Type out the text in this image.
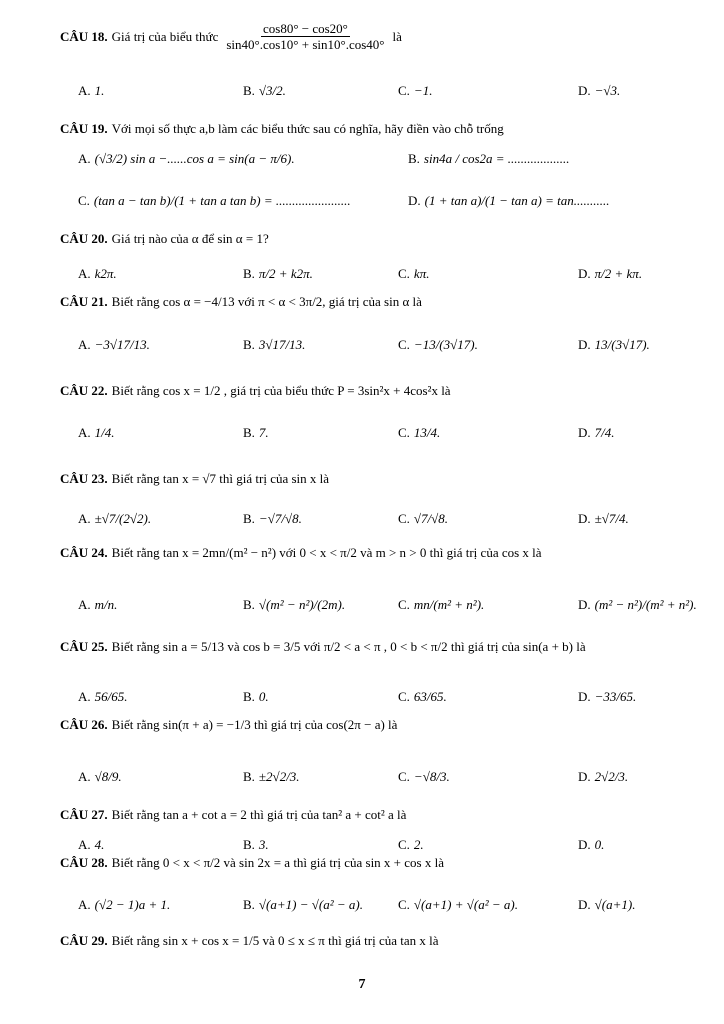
CÂU 18. Giá trị của biểu thức $\frac{\cos 80^\circ - \cos 20^\circ}{\sin 40^\circ.\cos 10^\circ + \sin 10^\circ.\cos 40^\circ}$ là
A. 1.	B. √3/2.	C. −1.	D. −√3.
CÂU 19. Với mọi số thực a,b làm các biểu thức sau có nghĩa, hãy điền vào chỗ trống
A. (√3/2) sin a −......cos a = sin(a − π/6).	B. sin4a / cos2a = ...................
C. (tan a − tan b)/(1 + tan a tan b) = .......................	D. (1 + tan a)/(1 − tan a) = tan...........
CÂU 20. Giá trị nào của α để sin α = 1?
A. k2π.	B. π/2 + k2π.	C. kπ.	D. π/2 + kπ.
CÂU 21. Biết rằng cos α = −4/13 với π < α < 3π/2, giá trị của sin α là
A. −3√17/13.	B. 3√17/13.	C. −13/(3√17).	D. 13/(3√17).
CÂU 22. Biết rằng cos x = 1/2 , giá trị của biểu thức P = 3sin²x + 4cos²x là
A. 1/4.	B. 7.	C. 13/4.	D. 7/4.
CÂU 23. Biết rằng tan x = √7 thì giá trị của sin x là
A. ±√7/(2√2).	B. −√7/√8.	C. √7/√8.	D. ±√7/4.
CÂU 24. Biết rằng tan x = 2mn/(m² − n²) với 0 < x < π/2 và m > n > 0 thì giá trị của cos x là
A. m/n.	B. √(m² − n²)/(2m).	C. mn/(m² + n²).	D. (m² − n²)/(m² + n²).
CÂU 25. Biết rằng sin a = 5/13 và cos b = 3/5 với π/2 < a < π , 0 < b < π/2 thì giá trị của sin(a + b) là
A. 56/65.	B. 0.	C. 63/65.	D. −33/65.
CÂU 26. Biết rằng sin(π + a) = −1/3 thì giá trị của cos(2π − a) là
A. √8/9.	B. ±2√2/3.	C. −√8/3.	D. 2√2/3.
CÂU 27. Biết rằng tan a + cot a = 2 thì giá trị của tan² a + cot² a là
A. 4.	B. 3.	C. 2.	D. 0.
CÂU 28. Biết rằng 0 < x < π/2 và sin 2x = a thì giá trị của sin x + cos x là
A. (√2 − 1)a + 1.	B. √(a+1) − √(a² − a).	C. √(a+1) + √(a² − a).	D. √(a+1).
CÂU 29. Biết rằng sin x + cos x = 1/5 và 0 ≤ x ≤ π thì giá trị của tan x là
7
